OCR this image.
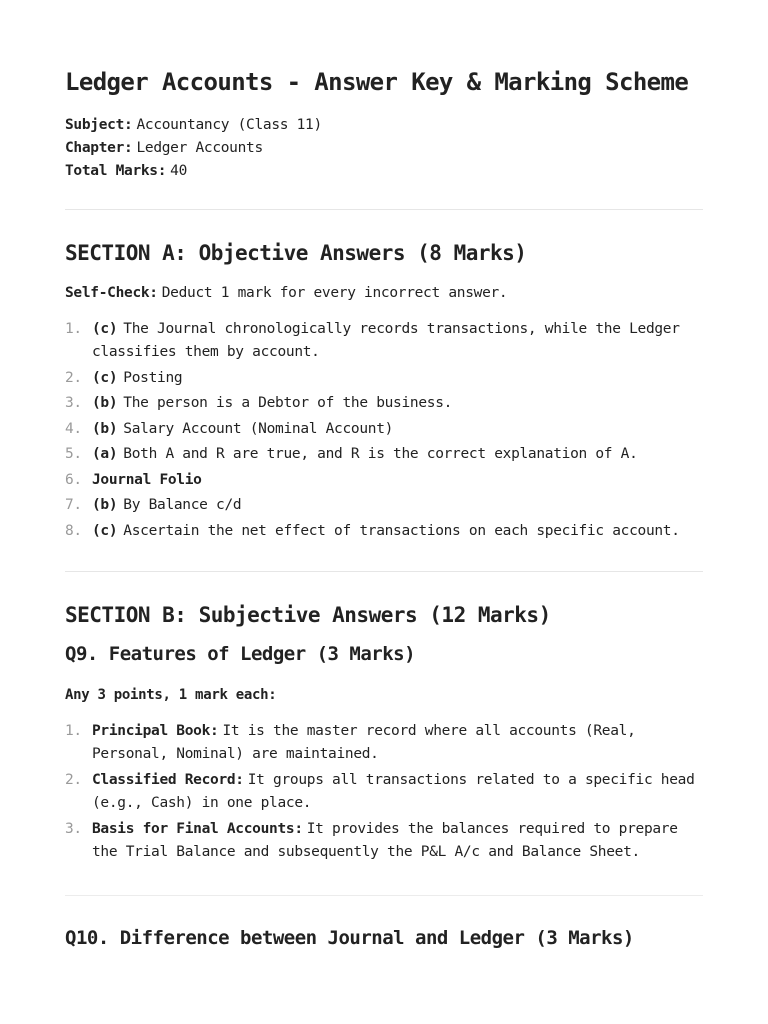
Ledger Accounts - Answer Key & Marking Scheme
Subject: Accountancy (Class 11)
Chapter: Ledger Accounts
Total Marks: 40
SECTION A: Objective Answers (8 Marks)
Self-Check: Deduct 1 mark for every incorrect answer.
1. (c) The Journal chronologically records transactions, while the Ledger classifies them by account.
2. (c) Posting
3. (b) The person is a Debtor of the business.
4. (b) Salary Account (Nominal Account)
5. (a) Both A and R are true, and R is the correct explanation of A.
6. Journal Folio
7. (b) By Balance c/d
8. (c) Ascertain the net effect of transactions on each specific account.
SECTION B: Subjective Answers (12 Marks)
Q9. Features of Ledger (3 Marks)
Any 3 points, 1 mark each:
1. Principal Book: It is the master record where all accounts (Real, Personal, Nominal) are maintained.
2. Classified Record: It groups all transactions related to a specific head (e.g., Cash) in one place.
3. Basis for Final Accounts: It provides the balances required to prepare the Trial Balance and subsequently the P&L A/c and Balance Sheet.
Q10. Difference between Journal and Ledger (3 Marks)
